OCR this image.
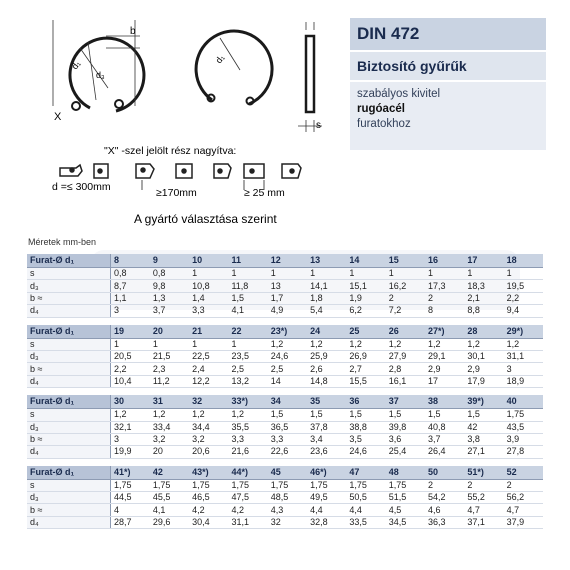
X
b
s
d₁
d₃
d₁
"X" -szel jelölt rész nagyítva:
d =≤ 300mm	≥170mm	≥ 25 mm
A gyártó választása szerint
DIN 472
Biztosító gyűrűk
szabályos kivitel
rugóacél
furatokhoz
Méretek mm-ben
Furat-Ø d₁	8	9	10	11	12	13	14	15	16	17	18
s	0,8	0,8	1	1	1	1	1	1	1	1	1
d₃	8,7	9,8	10,8	11,8	13	14,1	15,1	16,2	17,3	18,3	19,5
b ≈	1,1	1,3	1,4	1,5	1,7	1,8	1,9	2	2	2,1	2,2
d₄	3	3,7	3,3	4,1	4,9	5,4	6,2	7,2	8	8,8	9,4
Furat-Ø d₁	19	20	21	22	23*)	24	25	26	27*)	28	29*)
s	1	1	1	1	1,2	1,2	1,2	1,2	1,2	1,2	1,2
d₃	20,5	21,5	22,5	23,5	24,6	25,9	26,9	27,9	29,1	30,1	31,1
b ≈	2,2	2,3	2,4	2,5	2,5	2,6	2,7	2,8	2,9	2,9	3
d₄	10,4	11,2	12,2	13,2	14	14,8	15,5	16,1	17	17,9	18,9
Furat-Ø d₁	30	31	32	33*)	34	35	36	37	38	39*)	40
s	1,2	1,2	1,2	1,2	1,5	1,5	1,5	1,5	1,5	1,5	1,75
d₃	32,1	33,4	34,4	35,5	36,5	37,8	38,8	39,8	40,8	42	43,5
b ≈	3	3,2	3,2	3,3	3,3	3,4	3,5	3,6	3,7	3,8	3,9
d₄	19,9	20	20,6	21,6	22,6	23,6	24,6	25,4	26,4	27,1	27,8
Furat-Ø d₁	41*)	42	43*)	44*)	45	46*)	47	48	50	51*)	52
s	1,75	1,75	1,75	1,75	1,75	1,75	1,75	1,75	2	2	2
d₃	44,5	45,5	46,5	47,5	48,5	49,5	50,5	51,5	54,2	55,2	56,2
b ≈	4	4,1	4,2	4,2	4,3	4,4	4,4	4,5	4,6	4,7	4,7
d₄	28,7	29,6	30,4	31,1	32	32,8	33,5	34,5	36,3	37,1	37,9
